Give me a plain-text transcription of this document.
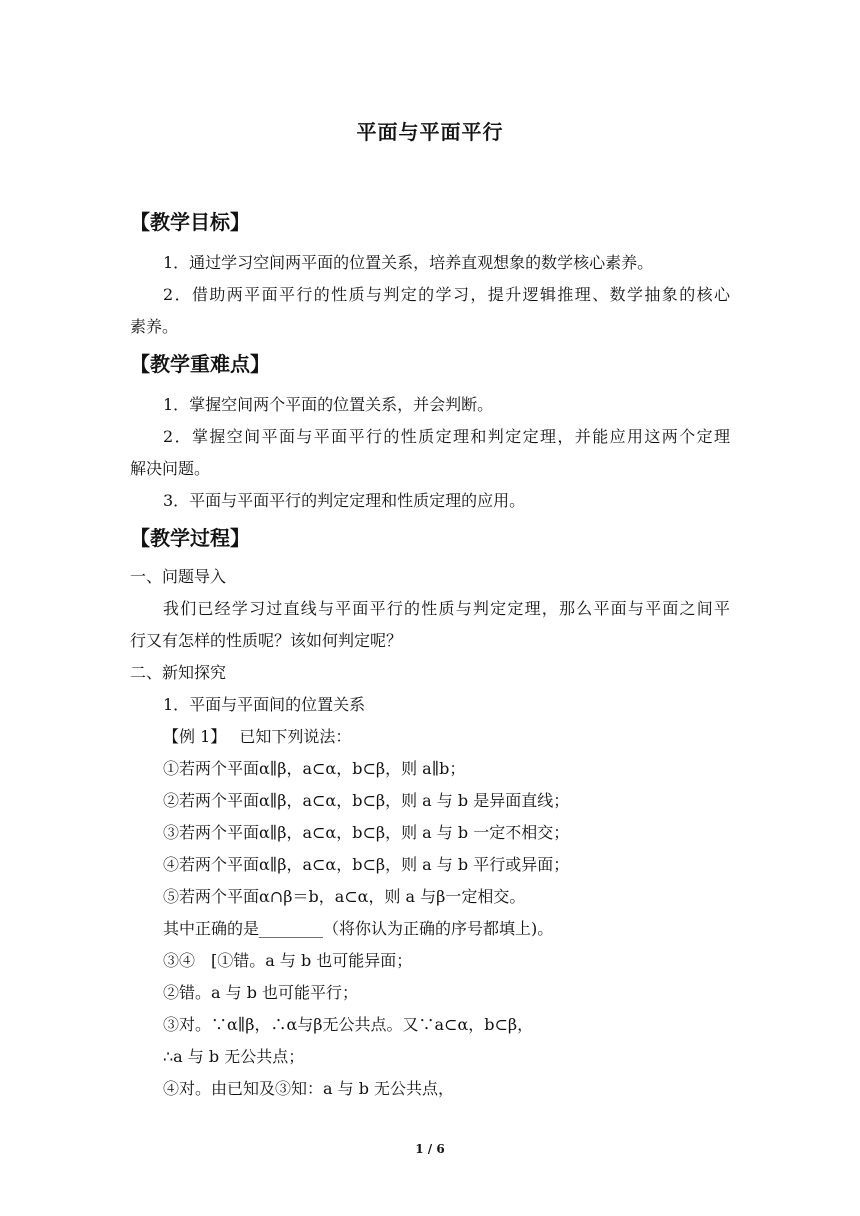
平面与平面平行
【教学目标】
1．通过学习空间两平面的位置关系，培养直观想象的数学核心素养。
2．借助两平面平行的性质与判定的学习，提升逻辑推理、数学抽象的核心
素养。
【教学重难点】
1．掌握空间两个平面的位置关系，并会判断。
2．掌握空间平面与平面平行的性质定理和判定定理，并能应用这两个定理
解决问题。
3．平面与平面平行的判定定理和性质定理的应用。
【教学过程】
一、问题导入
我们已经学习过直线与平面平行的性质与判定定理，那么平面与平面之间平
行又有怎样的性质呢？该如何判定呢？
二、新知探究
1．平面与平面间的位置关系
【例 1】　 已知下列说法：
①若两个平面α∥β，a⊂α，b⊂β，则 a∥b；
②若两个平面α∥β，a⊂α，b⊂β，则 a 与 b 是异面直线；
③若两个平面α∥β，a⊂α，b⊂β，则 a 与 b 一定不相交；
④若两个平面α∥β，a⊂α，b⊂β，则 a 与 b 平行或异面；
⑤若两个平面α∩β＝b，a⊂α，则 a 与β一定相交。
其中正确的是________（将你认为正确的序号都填上)。
③④　[①错。a 与 b 也可能异面；
②错。a 与 b 也可能平行；
③对。∵α∥β，∴α与β无公共点。又∵a⊂α，b⊂β，
∴a 与 b 无公共点；
④对。由已知及③知：a 与 b 无公共点，
1 / 6
